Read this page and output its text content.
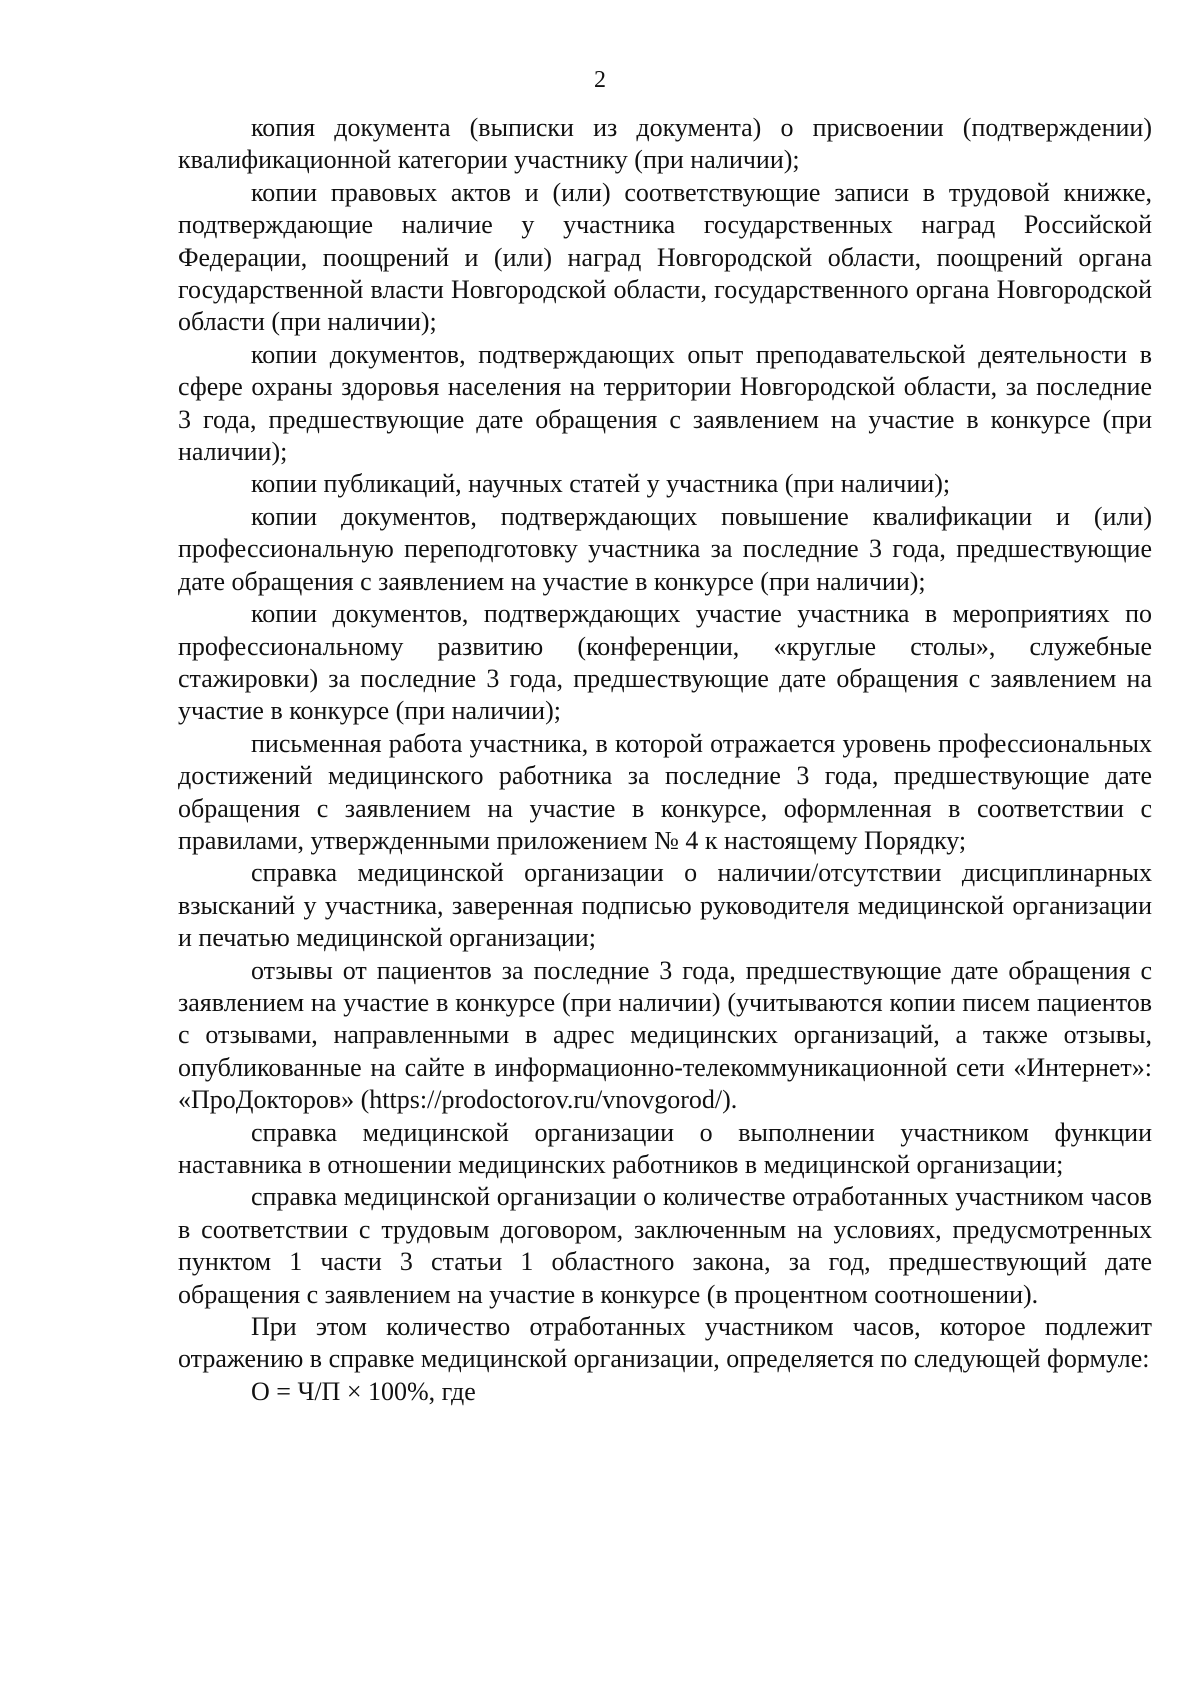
2

копия документа (выписки из документа) о присвоении (подтверждении) квалификационной категории участнику (при наличии);

копии правовых актов и (или) соответствующие записи в трудовой книжке, подтверждающие наличие у участника государственных наград Российской Федерации, поощрений и (или) наград Новгородской области, поощрений органа государственной власти Новгородской области, государственного органа Новгородской области (при наличии);

копии документов, подтверждающих опыт преподавательской деятельности в сфере охраны здоровья населения на территории Новгородской области, за последние 3 года, предшествующие дате обращения с заявлением на участие в конкурсе (при наличии);

копии публикаций, научных статей у участника (при наличии);

копии документов, подтверждающих повышение квалификации и (или) профессиональную переподготовку участника за последние 3 года, предшествующие дате обращения с заявлением на участие в конкурсе (при наличии);

копии документов, подтверждающих участие участника в мероприятиях по профессиональному развитию (конференции, «круглые столы», служебные стажировки) за последние 3 года, предшествующие дате обращения с заявлением на участие в конкурсе (при наличии);

письменная работа участника, в которой отражается уровень профессиональных достижений медицинского работника за последние 3 года, предшествующие дате обращения с заявлением на участие в конкурсе, оформленная в соответствии с правилами, утвержденными приложением № 4 к настоящему Порядку;

справка медицинской организации о наличии/отсутствии дисциплинарных взысканий у участника, заверенная подписью руководителя медицинской организации и печатью медицинской организации;

отзывы от пациентов за последние 3 года, предшествующие дате обращения с заявлением на участие в конкурсе (при наличии) (учитываются копии писем пациентов с отзывами, направленными в адрес медицинских организаций, а также отзывы, опубликованные на сайте в информационно-телекоммуникационной сети «Интернет»: «ПроДокторов» (https://prodoctorov.ru/vnovgorod/).

справка медицинской организации о выполнении участником функции наставника в отношении медицинских работников в медицинской организации;

справка медицинской организации о количестве отработанных участником часов в соответствии с трудовым договором, заключенным на условиях, предусмотренных пунктом 1 части 3 статьи 1 областного закона, за год, предшествующий дате обращения с заявлением на участие в конкурсе (в процентном соотношении).

При этом количество отработанных участником часов, которое подлежит отражению в справке медицинской организации, определяется по следующей формуле:

О = Ч/П × 100%, где
